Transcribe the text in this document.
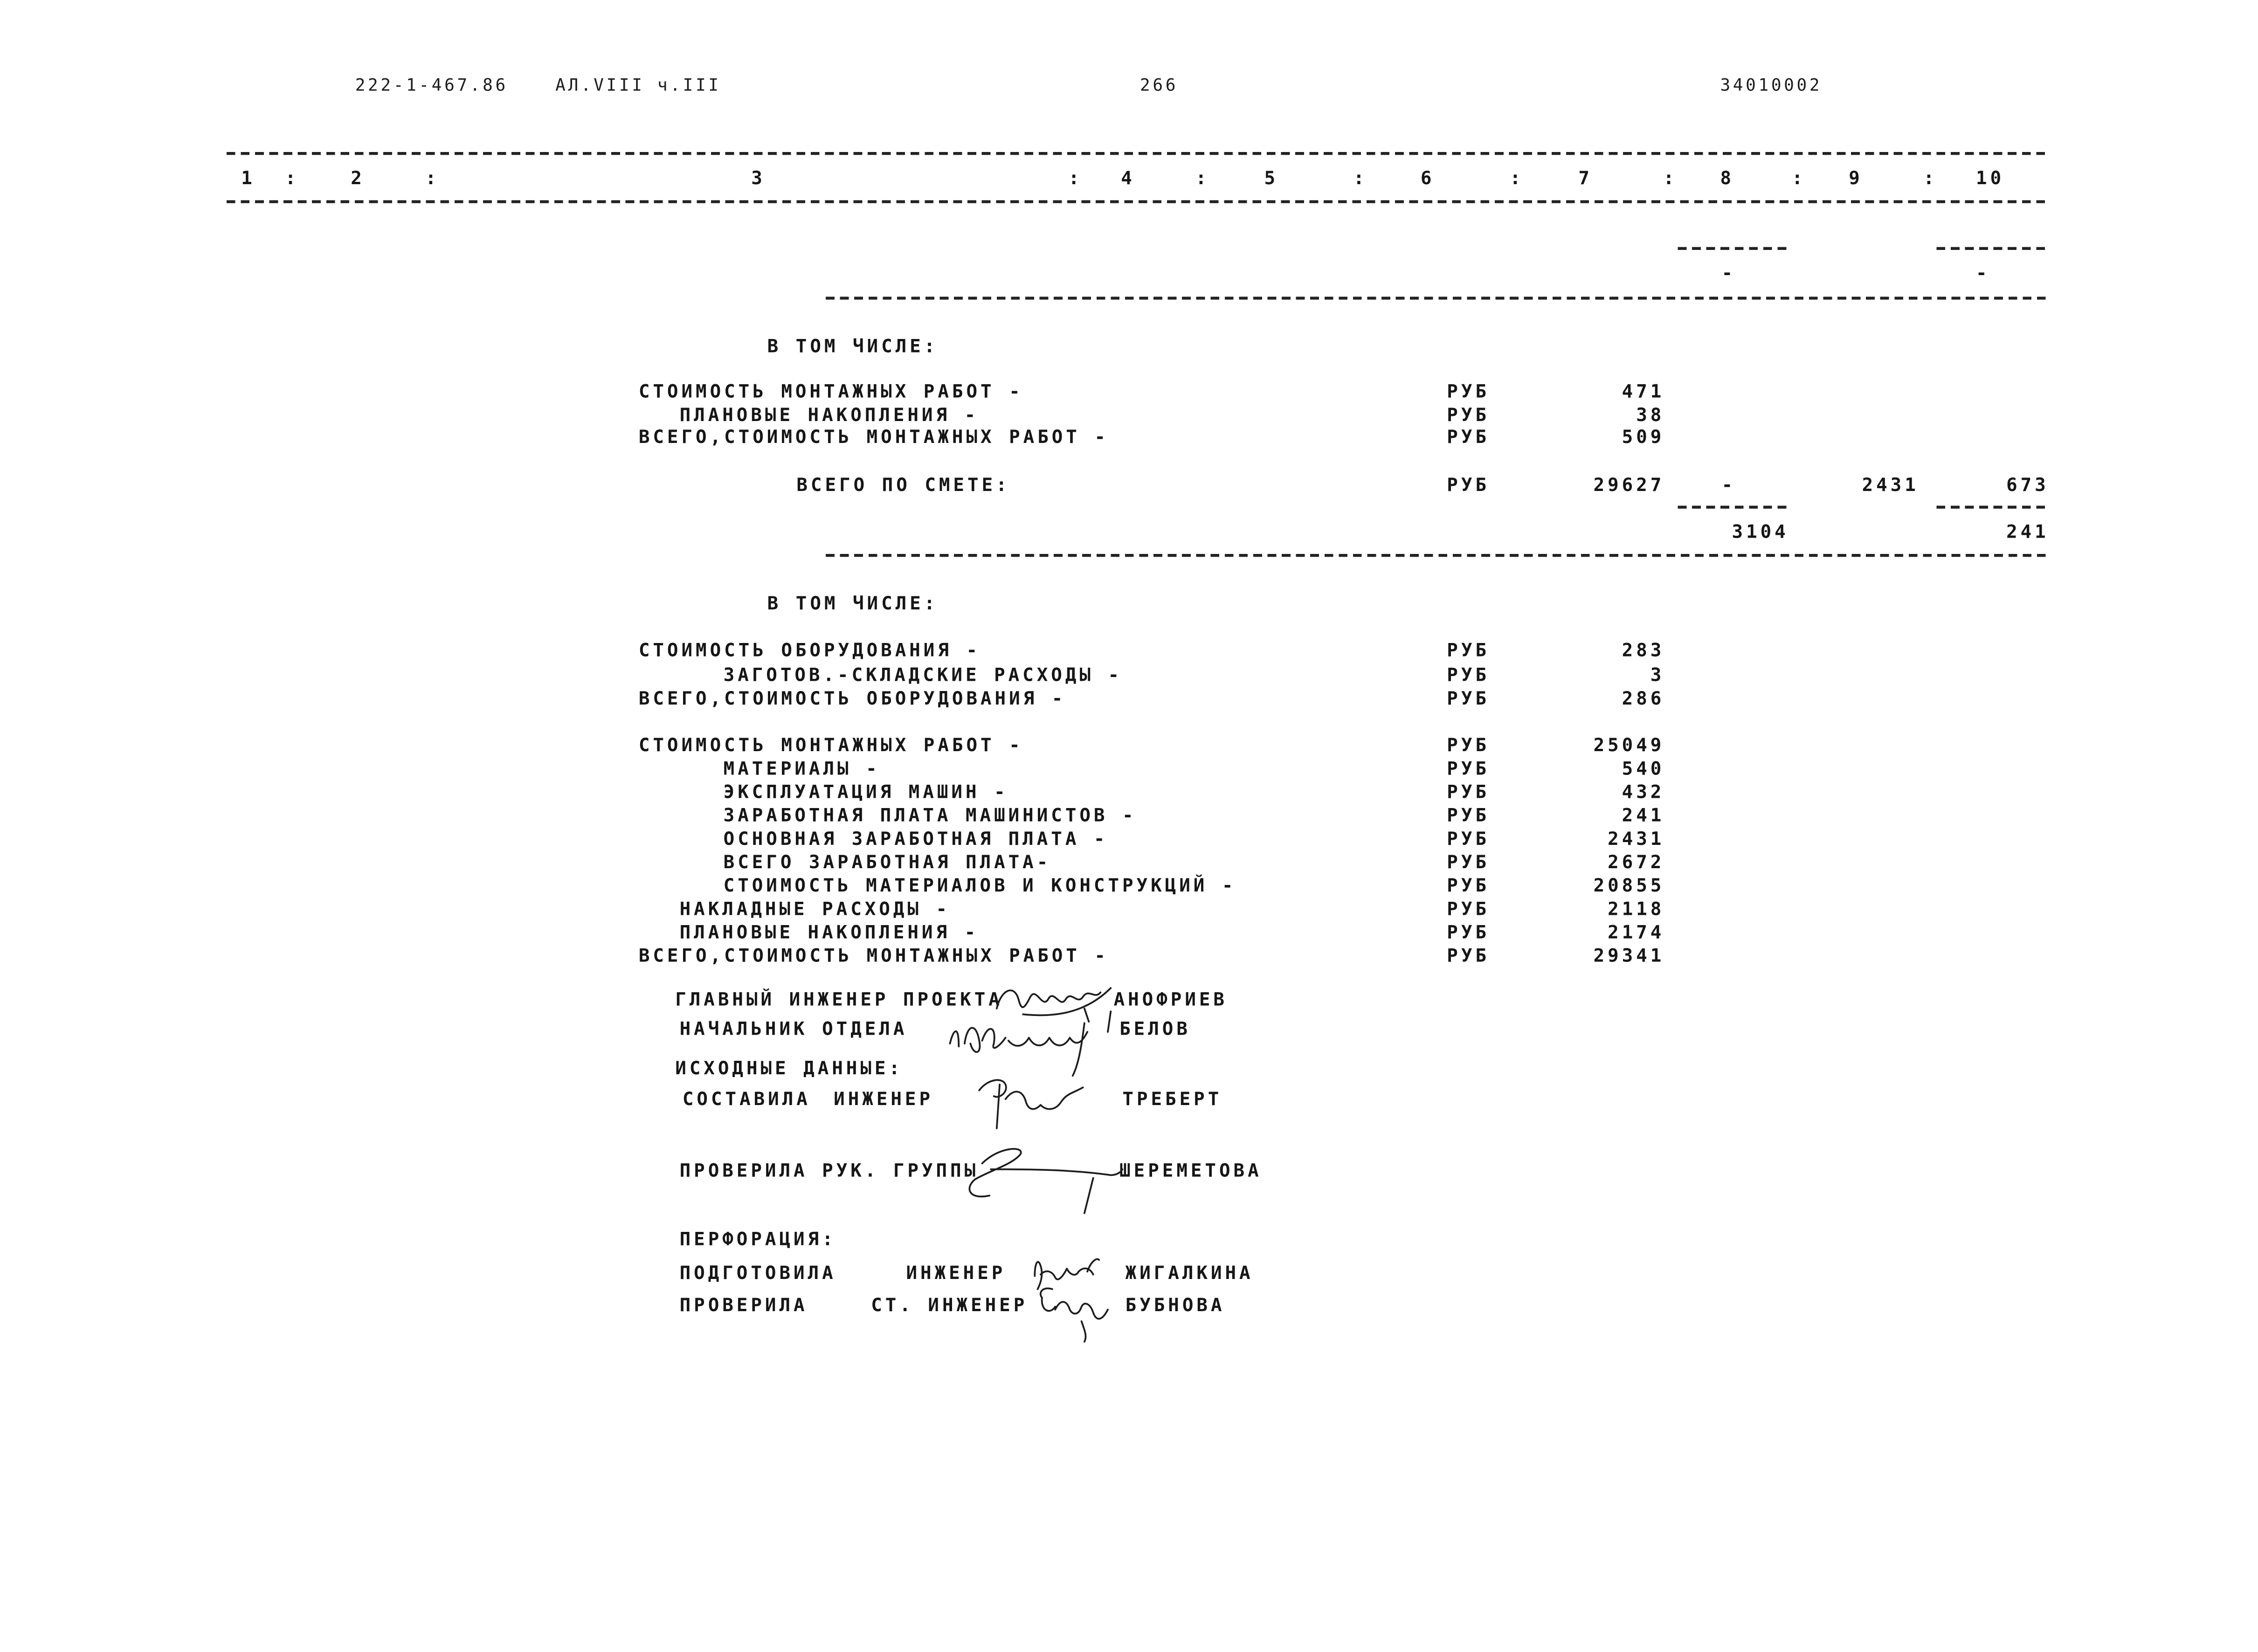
222-1-467.86	АЛ.VIII ч.III	266	34010002
1	:	2	:	3	:	4	:	5	:	6	:	7	:	8	:	9	:	10
-	-
В ТОМ ЧИСЛЕ:
СТОИМОСТЬ МОНТАЖНЫХ РАБОТ -	РУБ	471
ПЛАНОВЫЕ НАКОПЛЕНИЯ -	РУБ	38
ВСЕГО,СТОИМОСТЬ МОНТАЖНЫХ РАБОТ -	РУБ	509
ВСЕГО ПО СМЕТЕ:	РУБ	29627	-	2431	673
3104	241
В ТОМ ЧИСЛЕ:
СТОИМОСТЬ ОБОРУДОВАНИЯ -	РУБ	283
ЗАГОТОВ.-СКЛАДСКИЕ РАСХОДЫ -	РУБ	3
ВСЕГО,СТОИМОСТЬ ОБОРУДОВАНИЯ -	РУБ	286
СТОИМОСТЬ МОНТАЖНЫХ РАБОТ -	РУБ	25049
МАТЕРИАЛЫ -	РУБ	540
ЭКСПЛУАТАЦИЯ МАШИН -	РУБ	432
ЗАРАБОТНАЯ ПЛАТА МАШИНИСТОВ -	РУБ	241
ОСНОВНАЯ ЗАРАБОТНАЯ ПЛАТА -	РУБ	2431
ВСЕГО ЗАРАБОТНАЯ ПЛАТА-	РУБ	2672
СТОИМОСТЬ МАТЕРИАЛОВ И КОНСТРУКЦИЙ -	РУБ	20855
НАКЛАДНЫЕ РАСХОДЫ -	РУБ	2118
ПЛАНОВЫЕ НАКОПЛЕНИЯ -	РУБ	2174
ВСЕГО,СТОИМОСТЬ МОНТАЖНЫХ РАБОТ -	РУБ	29341
ГЛАВНЫЙ ИНЖЕНЕР ПРОЕКТА	АНОФРИЕВ
НАЧАЛЬНИК ОТДЕЛА	БЕЛОВ
ИСХОДНЫЕ ДАННЫЕ:
СОСТАВИЛА ИНЖЕНЕР	ТРЕБЕРТ
ПРОВЕРИЛА РУК. ГРУППЫ	ШЕРЕМЕТОВА
ПЕРФОРАЦИЯ:
ПОДГОТОВИЛА	ИНЖЕНЕР	ЖИГАЛКИНА
ПРОВЕРИЛА	СТ. ИНЖЕНЕР	БУБНОВА
